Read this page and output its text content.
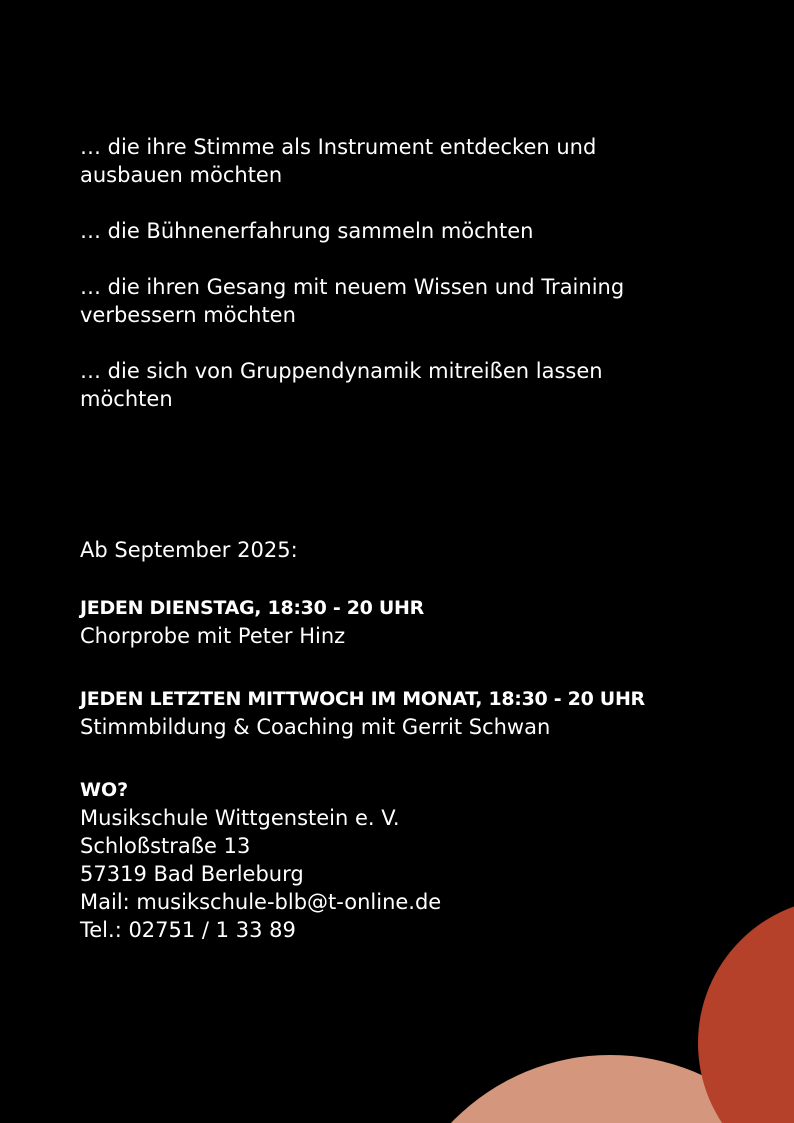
… die ihre Stimme als Instrument entdecken und ausbauen möchten

… die Bühnenerfahrung sammeln möchten

… die ihren Gesang mit neuem Wissen und Training verbessern möchten

… die sich von Gruppendynamik mitreißen lassen möchten

Ab September 2025:
JEDEN DIENSTAG, 18:30 - 20 UHR
Chorprobe mit Peter Hinz
JEDEN LETZTEN MITTWOCH IM MONAT, 18:30 - 20 UHR
Stimmbildung & Coaching mit Gerrit Schwan
WO?
Musikschule Wittgenstein e. V.
Schloßstraße 13
57319 Bad Berleburg
Mail: musikschule-blb@t-online.de
Tel.: 02751 / 1 33 89
